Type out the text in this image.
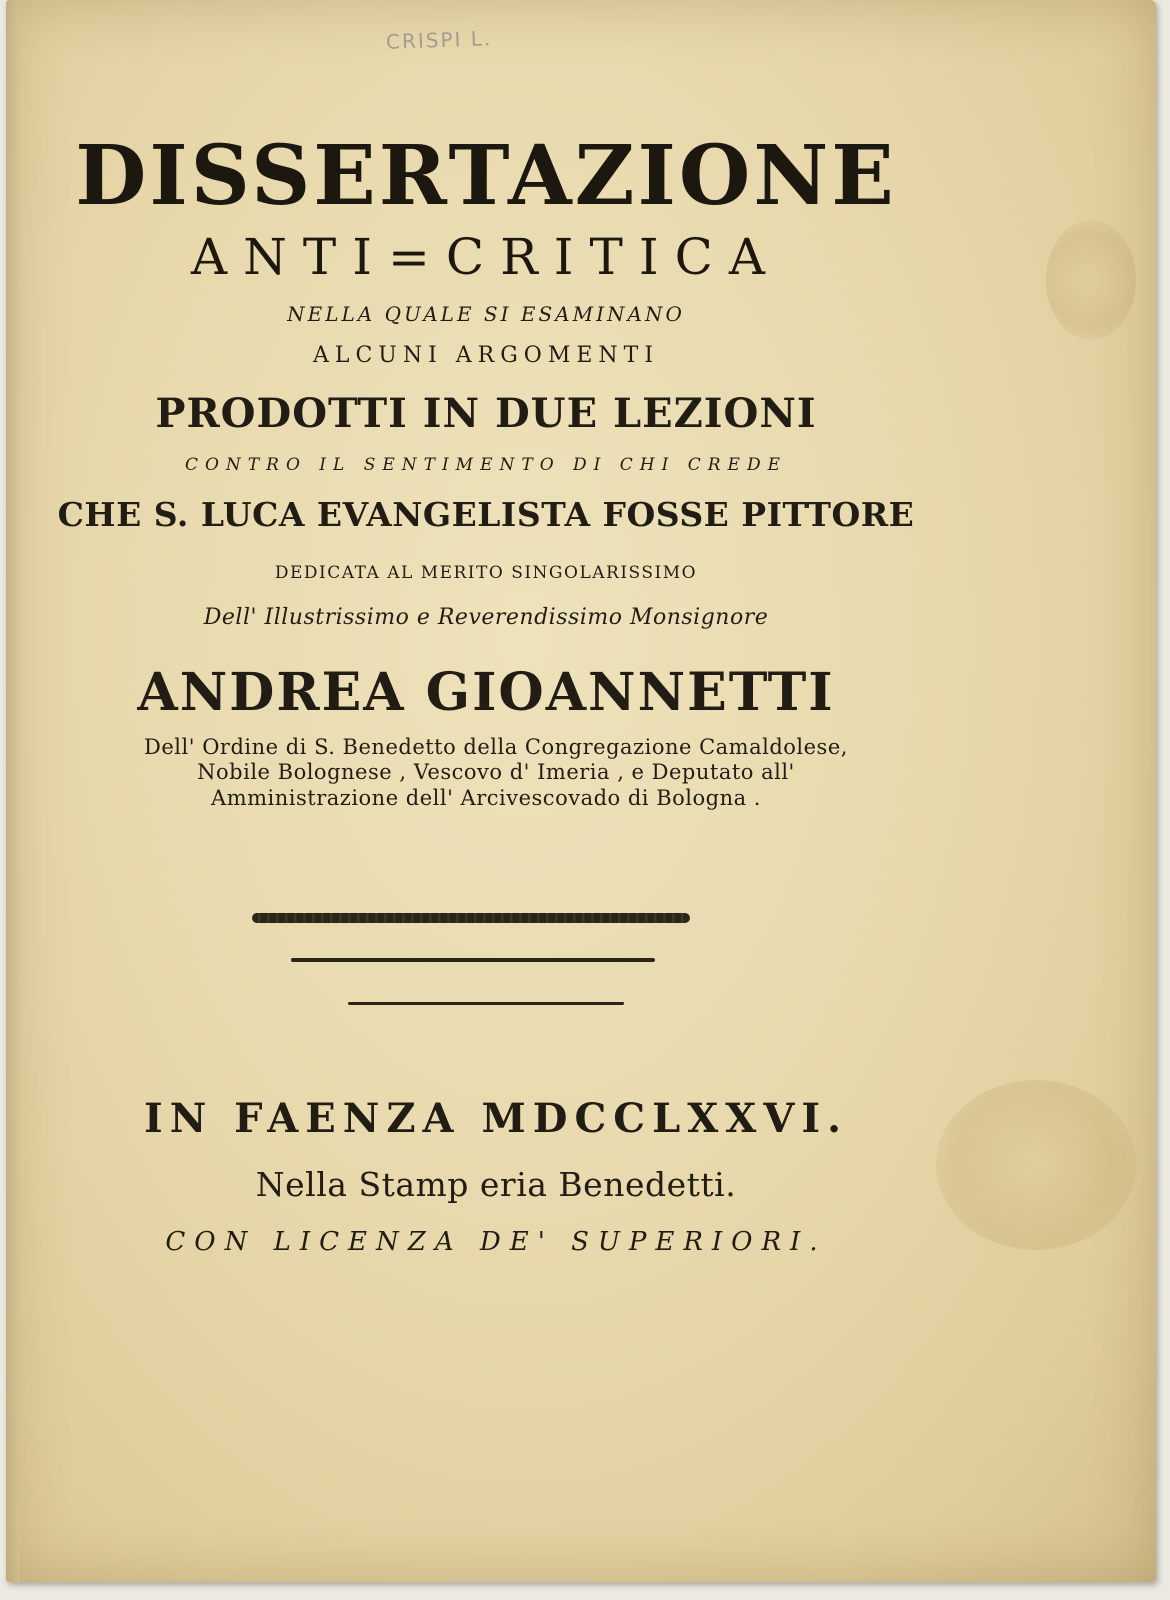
CRISPI L.
DISSERTAZIONE
ANTI=CRITICA
NELLA QUALE SI ESAMINANO
ALCUNI ARGOMENTI
PRODOTTI IN DUE LEZIONI
CONTRO IL SENTIMENTO DI CHI CREDE
CHE S. LUCA EVANGELISTA FOSSE PITTORE
DEDICATA AL MERITO SINGOLARISSIMO
Dell' Illustrissimo e Reverendissimo Monsignore
ANDREA GIOANNETTI
Dell' Ordine di S. Benedetto della Congregazione Camaldolese,
Nobile Bolognese , Vescovo d' Imeria , e Deputato all'
Amministrazione dell' Arcivescovado di Bologna .
IN FAENZA MDCCLXXVI.
Nella Stamp eria Benedetti.
CON LICENZA DE' SUPERIORI.
